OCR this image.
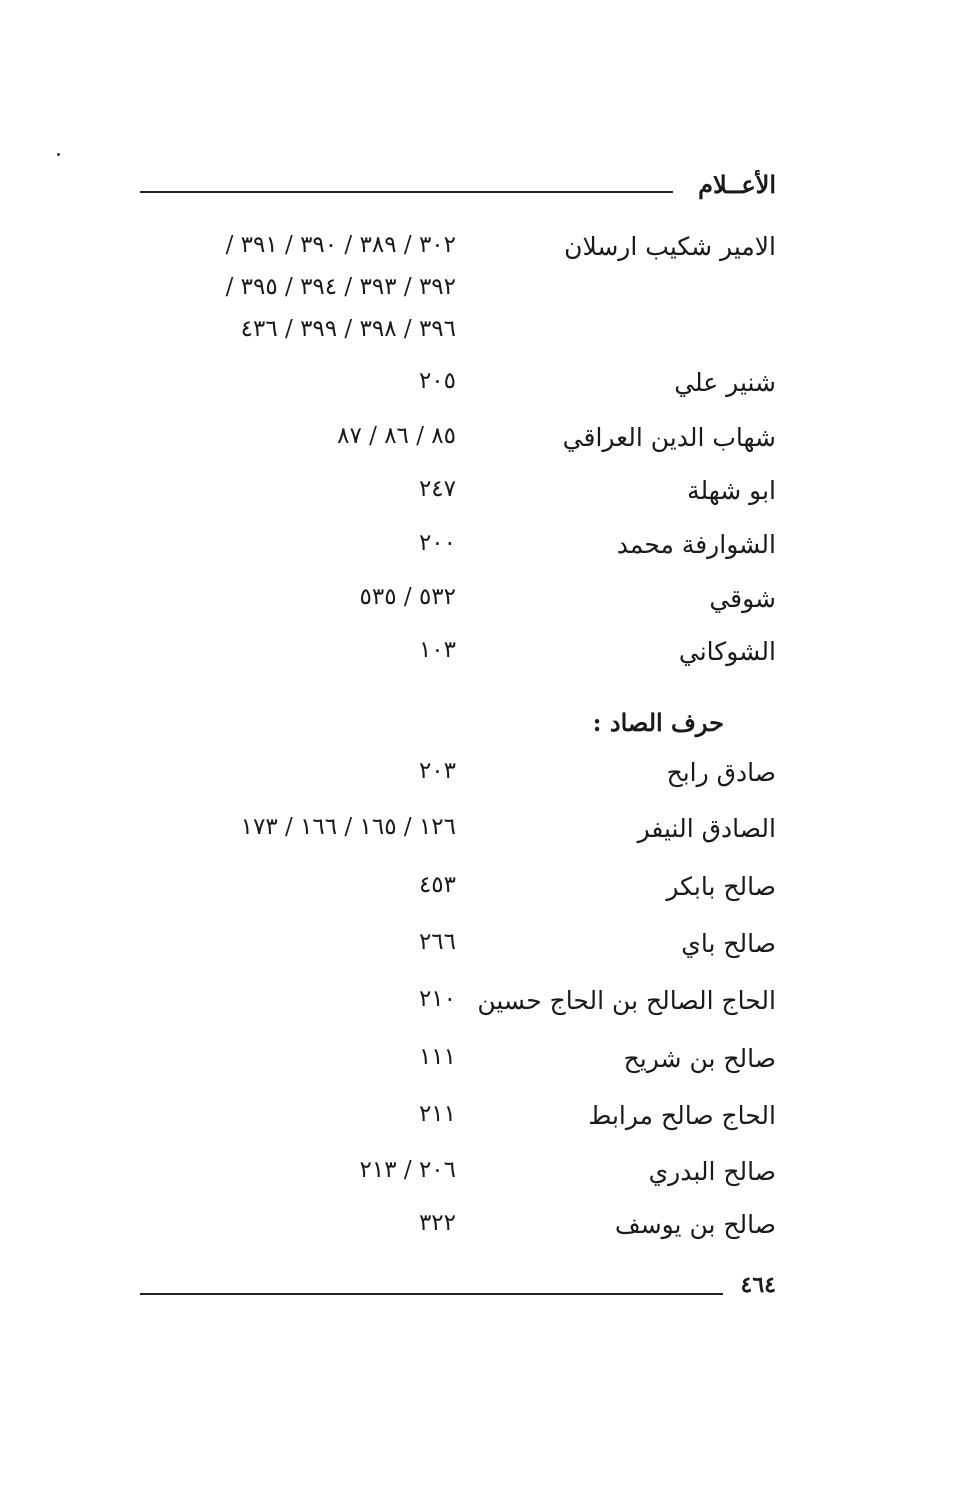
الأعــلام
الامير شكيب ارسلان
٣٠٢ / ٣٨٩ / ٣٩٠ / ٣٩١ /
٣٩٢ / ٣٩٣ / ٣٩٤ / ٣٩٥ /
٣٩٦ / ٣٩٨ / ٣٩٩ / ٤٣٦
شنير علي
٢٠٥
شهاب الدين العراقي
٨٥ / ٨٦ / ٨٧
ابو شهلة
٢٤٧
الشوارفة محمد
٢٠٠
شوقي
٥٣٢ / ٥٣٥
الشوكاني
١٠٣
حرف الصاد :
صادق رابح
٢٠٣
الصادق النيفر
١٢٦ / ١٦٥ / ١٦٦ / ١٧٣
صالح بابكر
٤٥٣
صالح باي
٢٦٦
الحاج الصالح بن الحاج حسين
٢١٠
صالح بن شريح
١١١
الحاج صالح مرابط
٢١١
صالح البدري
٢٠٦ / ٢١٣
صالح بن يوسف
٣٢٢
٤٦٤
